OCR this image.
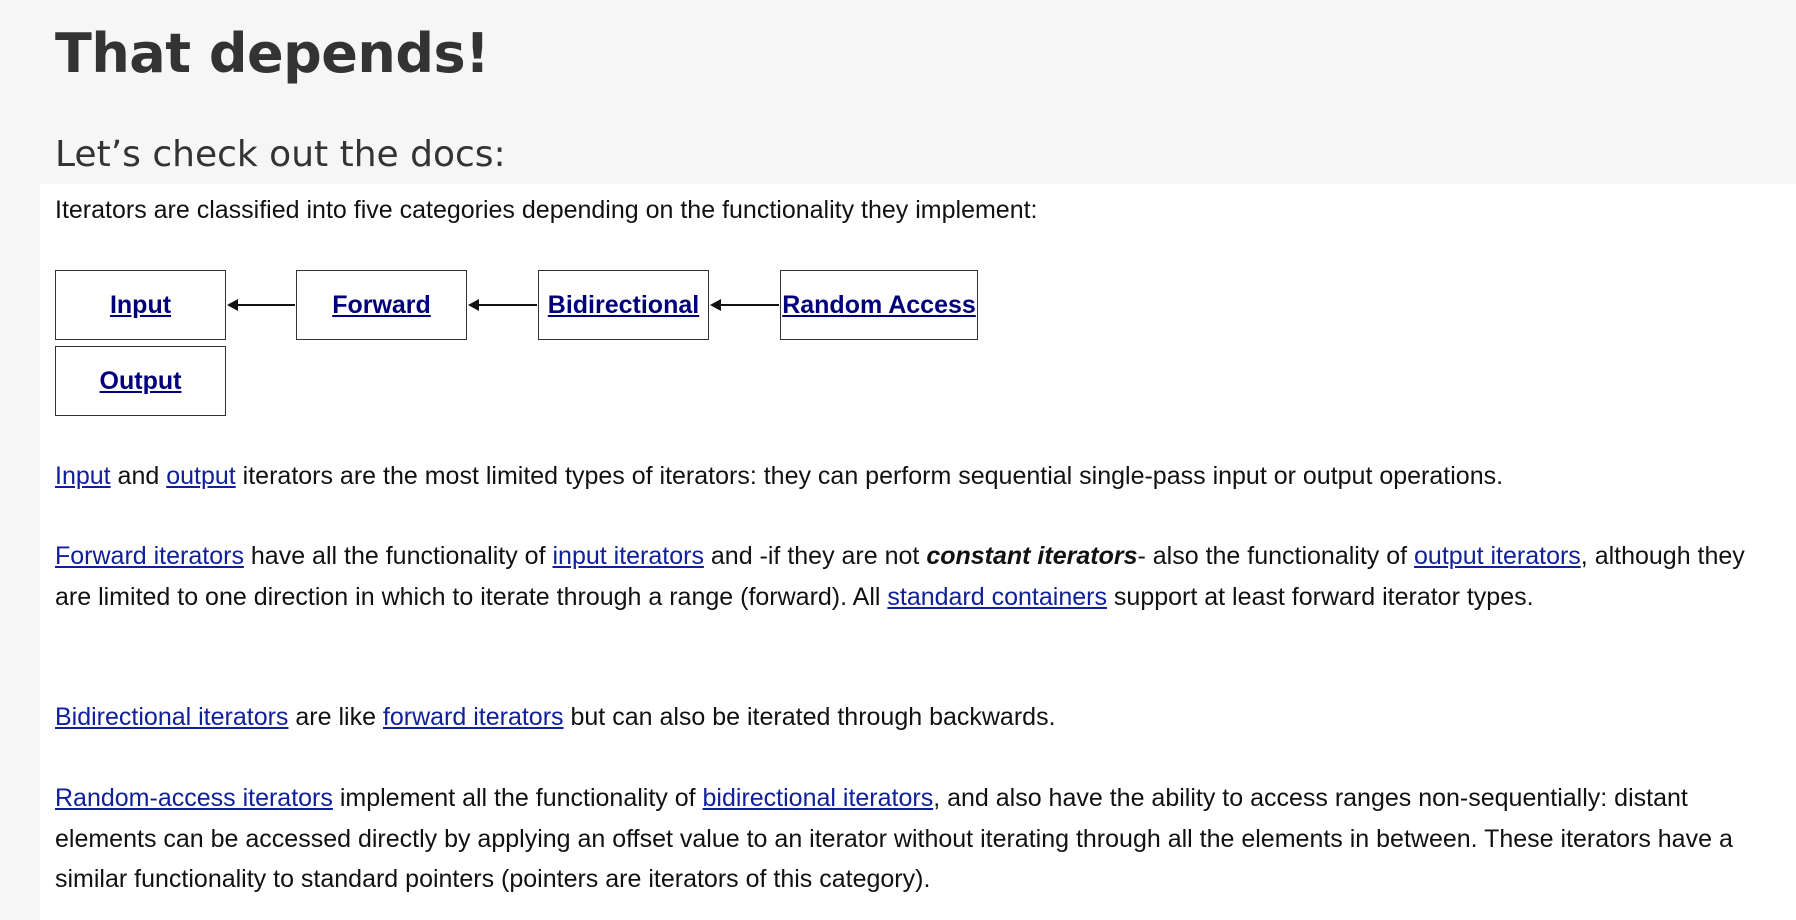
That depends!
Let’s check out the docs:

Iterators are classified into five categories depending on the functionality they implement:

Input	Forward	Bidirectional	Random Access
Output

Input and output iterators are the most limited types of iterators: they can perform sequential single-pass input or output operations.

Forward iterators have all the functionality of input iterators and -if they are not constant iterators- also the functionality of output iterators, although they are limited to one direction in which to iterate through a range (forward). All standard containers support at least forward iterator types.

Bidirectional iterators are like forward iterators but can also be iterated through backwards.

Random-access iterators implement all the functionality of bidirectional iterators, and also have the ability to access ranges non-sequentially: distant elements can be accessed directly by applying an offset value to an iterator without iterating through all the elements in between. These iterators have a similar functionality to standard pointers (pointers are iterators of this category).
